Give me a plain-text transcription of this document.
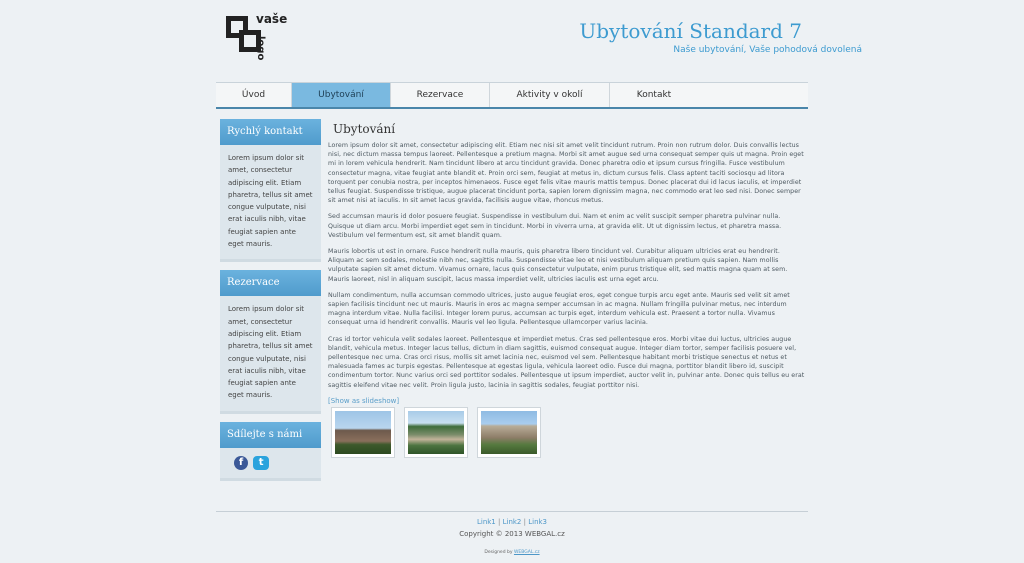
vaše
logo
Ubytování Standard 7
Naše ubytování, Vaše pohodová dovolená
Úvod	Ubytování	Rezervace	Aktivity v okolí	Kontakt
Rychlý kontakt
Lorem ipsum dolor sit amet, consectetur adipiscing elit. Etiam pharetra, tellus sit amet congue vulputate, nisi erat iaculis nibh, vitae feugiat sapien ante eget mauris.
Rezervace
Lorem ipsum dolor sit amet, consectetur adipiscing elit. Etiam pharetra, tellus sit amet congue vulputate, nisi erat iaculis nibh, vitae feugiat sapien ante eget mauris.
Sdílejte s námi
f t
Ubytování

Lorem ipsum dolor sit amet, consectetur adipiscing elit. Etiam nec nisi sit amet velit tincidunt rutrum. Proin non rutrum dolor. Duis convallis lectus nisi, nec dictum massa tempus laoreet. Pellentesque a pretium magna. Morbi sit amet augue sed urna consequat semper quis ut magna. Proin eget mi in lorem vehicula hendrerit. Nam tincidunt libero at arcu tincidunt gravida. Donec pharetra odio et ipsum cursus fringilla. Fusce vestibulum consectetur magna, vitae feugiat ante blandit et. Proin orci sem, feugiat at metus in, dictum cursus felis. Class aptent taciti sociosqu ad litora torquent per conubia nostra, per inceptos himenaeos. Fusce eget felis vitae mauris mattis tempus. Donec placerat dui id lacus iaculis, et imperdiet tellus feugiat. Suspendisse tristique, augue placerat tincidunt porta, sapien lorem dignissim magna, nec commodo erat leo sed nisi. Donec semper sit amet nisi at iaculis. In sit amet lacus gravida, facilisis augue vitae, rhoncus metus.

Sed accumsan mauris id dolor posuere feugiat. Suspendisse in vestibulum dui. Nam et enim ac velit suscipit semper pharetra pulvinar nulla. Quisque ut diam arcu. Morbi imperdiet eget sem in tincidunt. Morbi in viverra urna, at gravida elit. Ut ut dignissim lectus, et pharetra massa. Vestibulum vel fermentum est, sit amet blandit quam.

Mauris lobortis ut est in ornare. Fusce hendrerit nulla mauris, quis pharetra libero tincidunt vel. Curabitur aliquam ultricies erat eu hendrerit. Aliquam ac sem sodales, molestie nibh nec, sagittis nulla. Suspendisse vitae leo et nisi vestibulum aliquam pretium quis sapien. Nam mollis vulputate sapien sit amet dictum. Vivamus ornare, lacus quis consectetur vulputate, enim purus tristique elit, sed mattis magna quam at sem. Mauris laoreet, nisl in aliquam suscipit, lacus massa imperdiet velit, ultricies iaculis est urna eget arcu.

Nullam condimentum, nulla accumsan commodo ultrices, justo augue feugiat eros, eget congue turpis arcu eget ante. Mauris sed velit sit amet sapien facilisis tincidunt nec ut mauris. Mauris in eros ac magna semper accumsan in ac magna. Nullam fringilla pulvinar metus, nec interdum magna interdum vitae. Nulla facilisi. Integer lorem purus, accumsan ac turpis eget, interdum vehicula est. Praesent a tortor nulla. Vivamus consequat urna id hendrerit convallis. Mauris vel leo ligula. Pellentesque ullamcorper varius lacinia.

Cras id tortor vehicula velit sodales laoreet. Pellentesque et imperdiet metus. Cras sed pellentesque eros. Morbi vitae dui luctus, ultricies augue blandit, vehicula metus. Integer lacus tellus, dictum in diam sagittis, euismod consequat augue. Integer diam tortor, semper facilisis posuere vel, pellentesque nec urna. Cras orci risus, mollis sit amet lacinia nec, euismod vel sem. Pellentesque habitant morbi tristique senectus et netus et malesuada fames ac turpis egestas. Pellentesque at egestas ligula, vehicula laoreet odio. Fusce dui magna, porttitor blandit libero id, suscipit condimentum tortor. Nunc varius orci sed porttitor sodales. Pellentesque ut ipsum imperdiet, auctor velit in, pulvinar ante. Donec quis tellus eu erat sagittis eleifend vitae nec velit. Proin ligula justo, lacinia in sagittis sodales, feugiat porttitor nisi.

[Show as slideshow]
Link1 | Link2 | Link3
Copyright © 2013 WEBGAL.cz
Designed by WEBGAL.cz
